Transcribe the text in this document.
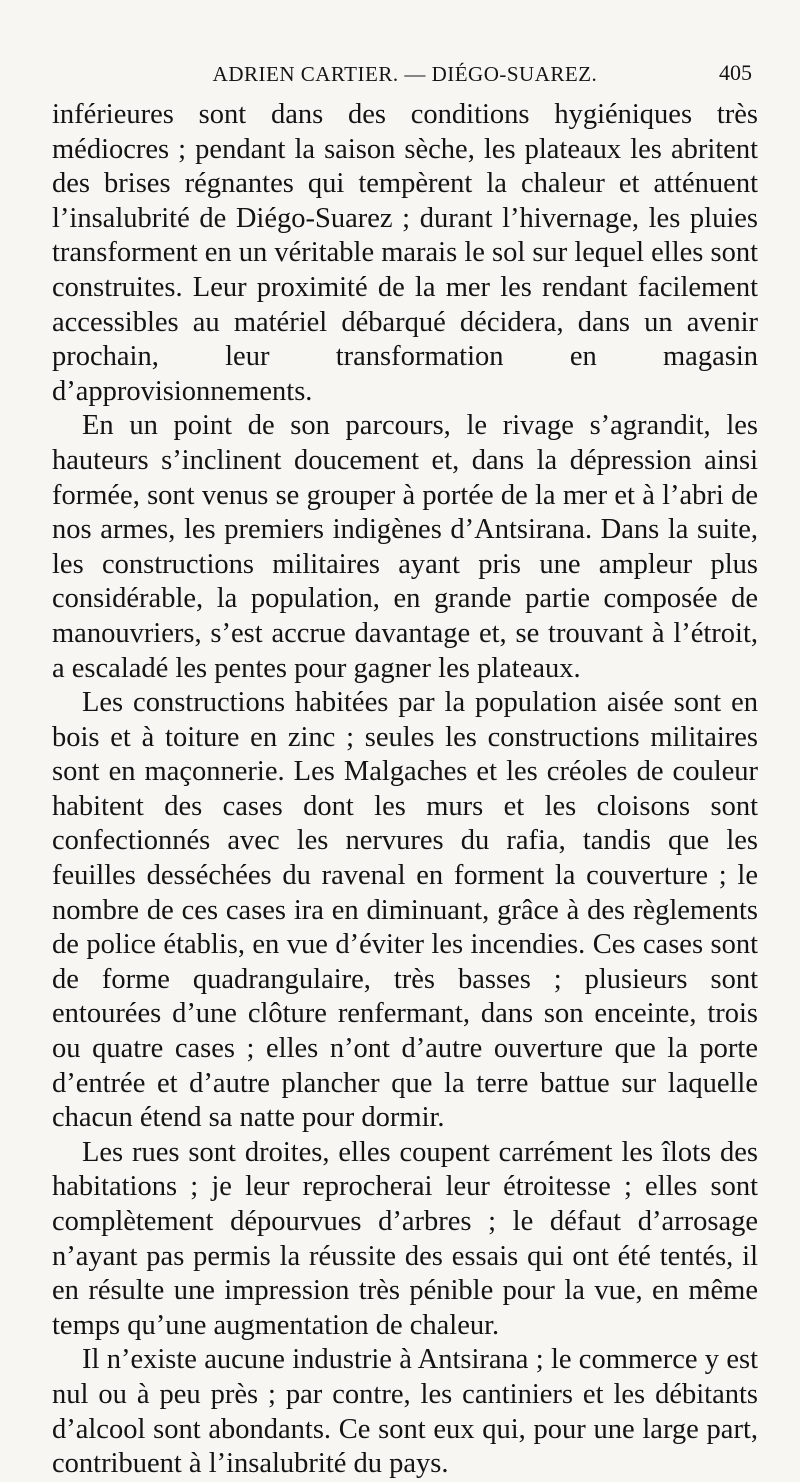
ADRIEN CARTIER. — DIÉGO-SUAREZ.	405

inférieures sont dans des conditions hygiéniques très médiocres ; pendant la saison sèche, les plateaux les abritent des brises régnantes qui tempèrent la chaleur et atténuent l’insalubrité de Diégo-Suarez ; durant l’hivernage, les pluies transforment en un véritable marais le sol sur lequel elles sont construites. Leur proximité de la mer les rendant facilement accessibles au matériel débarqué décidera, dans un avenir prochain, leur transformation en magasin d’approvisionnements.

En un point de son parcours, le rivage s’agrandit, les hauteurs s’inclinent doucement et, dans la dépression ainsi formée, sont venus se grouper à portée de la mer et à l’abri de nos armes, les premiers indigènes d’Antsirana. Dans la suite, les constructions militaires ayant pris une ampleur plus considérable, la population, en grande partie composée de manouvriers, s’est accrue davantage et, se trouvant à l’étroit, a escaladé les pentes pour gagner les plateaux.

Les constructions habitées par la population aisée sont en bois et à toiture en zinc ; seules les constructions militaires sont en maçonnerie. Les Malgaches et les créoles de couleur habitent des cases dont les murs et les cloisons sont confectionnés avec les nervures du rafia, tandis que les feuilles desséchées du ravenal en forment la couverture ; le nombre de ces cases ira en diminuant, grâce à des règlements de police établis, en vue d’éviter les incendies. Ces cases sont de forme quadrangulaire, très basses ; plusieurs sont entourées d’une clôture renfermant, dans son enceinte, trois ou quatre cases ; elles n’ont d’autre ouverture que la porte d’entrée et d’autre plancher que la terre battue sur laquelle chacun étend sa natte pour dormir.

Les rues sont droites, elles coupent carrément les îlots des habitations ; je leur reprocherai leur étroitesse ; elles sont complètement dépourvues d’arbres ; le défaut d’arrosage n’ayant pas permis la réussite des essais qui ont été tentés, il en résulte une impression très pénible pour la vue, en même temps qu’une augmentation de chaleur.

Il n’existe aucune industrie à Antsirana ; le commerce y est nul ou à peu près ; par contre, les cantiniers et les débitants d’alcool sont abondants. Ce sont eux qui, pour une large part, contribuent à l’insalubrité du pays.
